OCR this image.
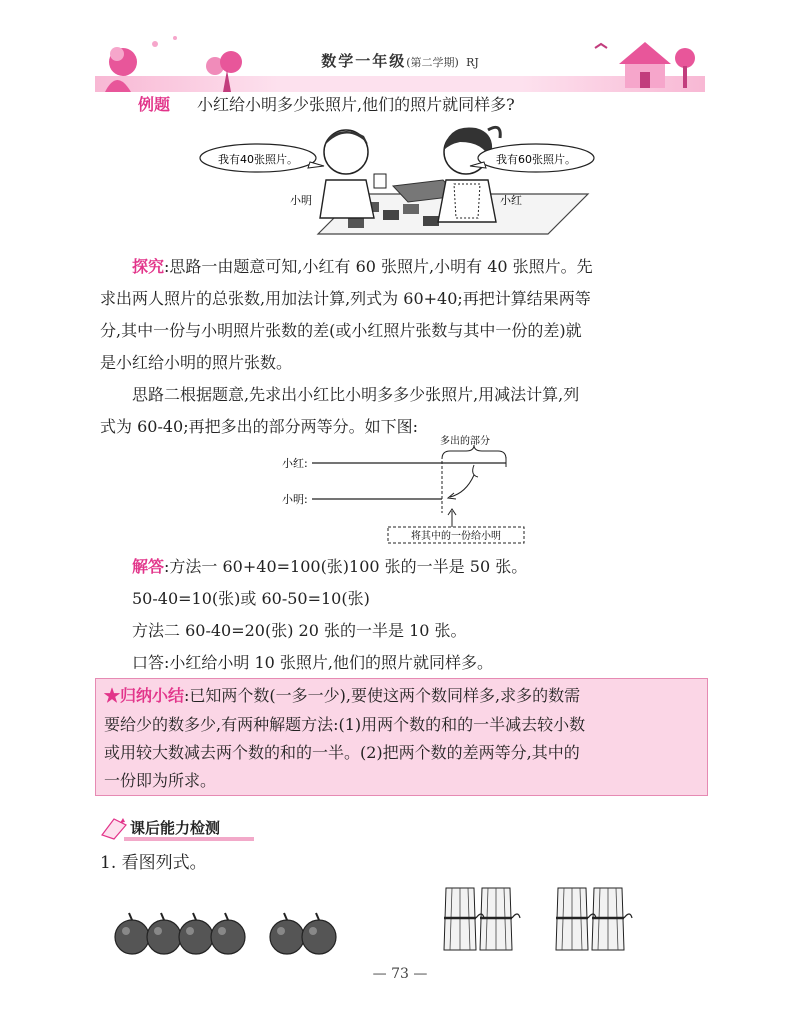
数学一年级(第二学期) RJ
例题 小红给小明多少张照片,他们的照片就同样多?
我有40张照片。	我有60张照片。
小明	小红
探究:思路一由题意可知,小红有 60 张照片,小明有 40 张照片。先
求出两人照片的总张数,用加法计算,列式为 60+40;再把计算结果两等
分,其中一份与小明照片张数的差(或小红照片张数与其中一份的差)就
是小红给小明的照片张数。
思路二根据题意,先求出小红比小明多多少张照片,用减法计算,列
式为 60-40;再把多出的部分两等分。如下图:
小红:
小明:
多出的部分
将其中的一份给小明
解答:方法一 60+40=100(张)100 张的一半是 50 张。
50-40=10(张)或 60-50=10(张)
方法二 60-40=20(张) 20 张的一半是 10 张。
口答:小红给小明 10 张照片,他们的照片就同样多。
★归纳小结:已知两个数(一多一少),要使这两个数同样多,求多的数需
要给少的数多少,有两种解题方法:(1)用两个数的和的一半减去较小数
或用较大数减去两个数的和的一半。(2)把两个数的差两等分,其中的
一份即为所求。
课后能力检测
1. 看图列式。
— 73 —
